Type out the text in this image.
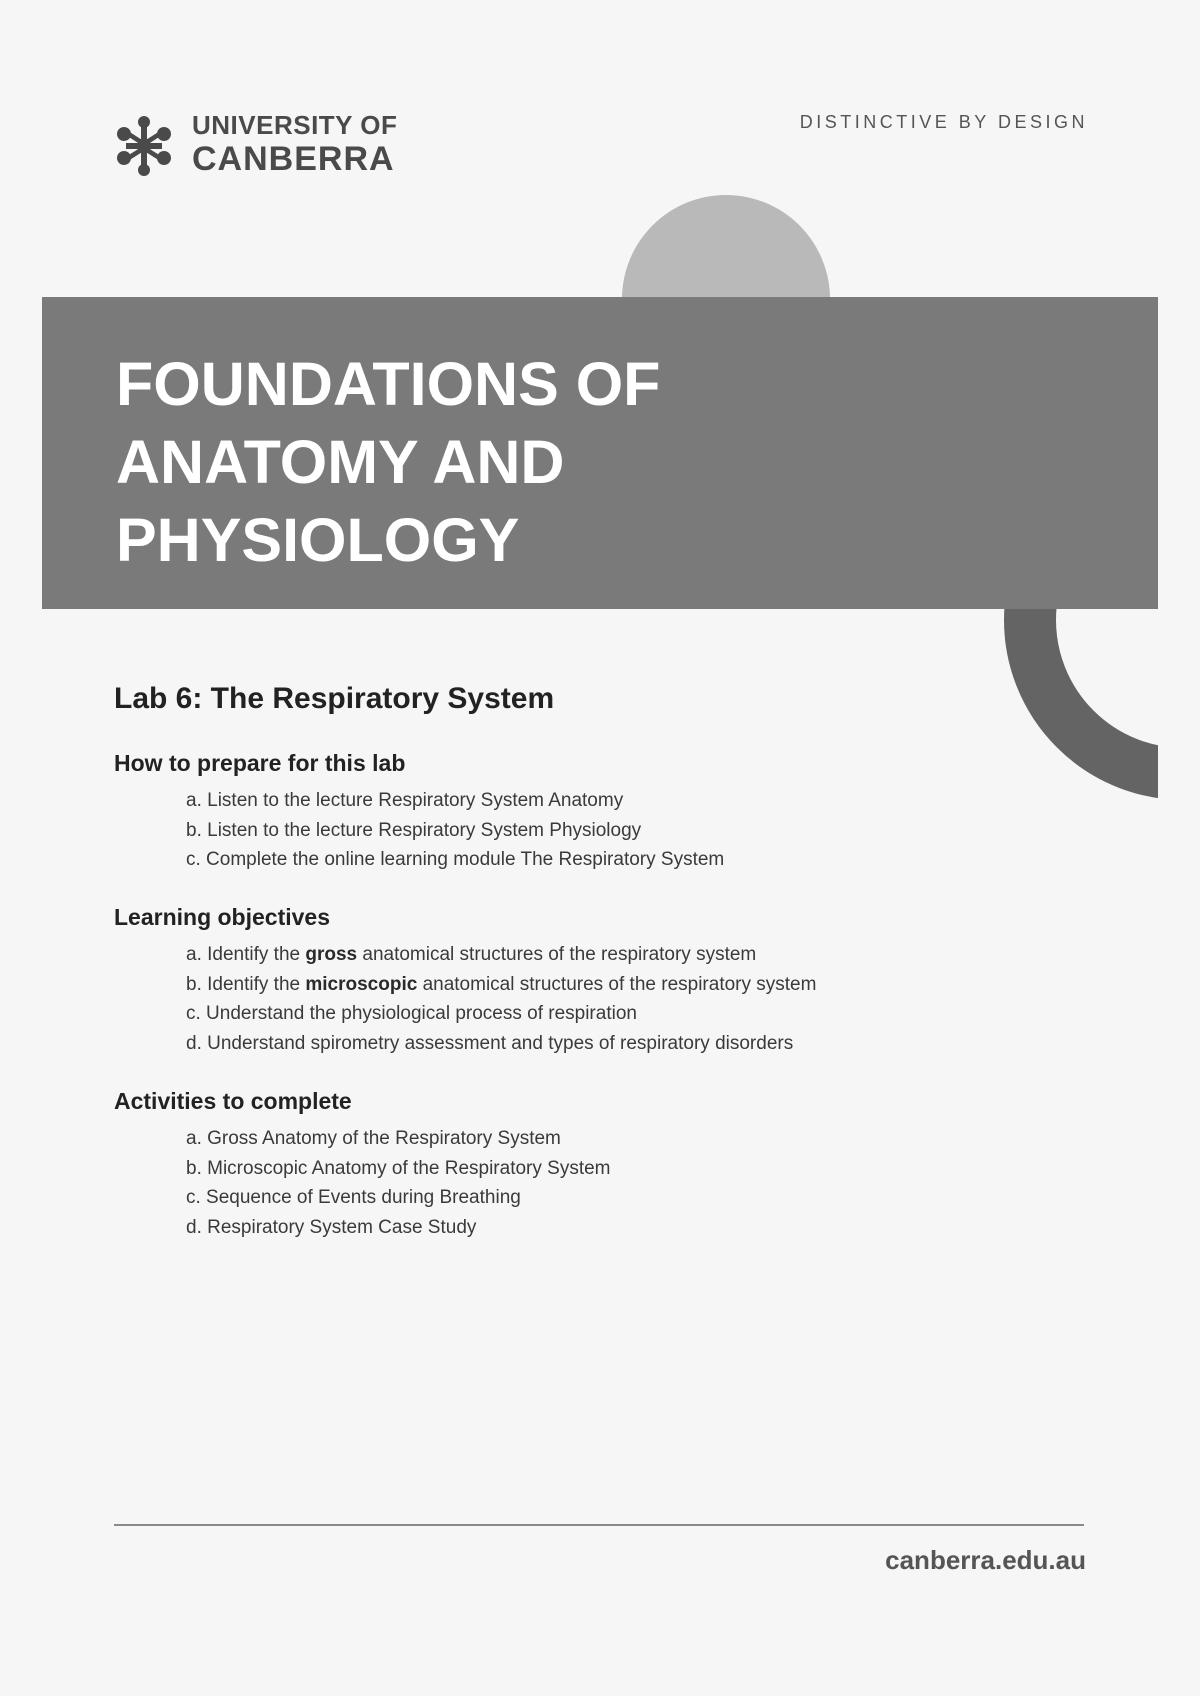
UNIVERSITY OF
CANBERRA
DISTINCTIVE BY DESIGN
FOUNDATIONS OF
ANATOMY AND
PHYSIOLOGY
Lab 6: The Respiratory System
How to prepare for this lab
a. Listen to the lecture Respiratory System Anatomy
b. Listen to the lecture Respiratory System Physiology
c. Complete the online learning module The Respiratory System
Learning objectives
a. Identify the gross anatomical structures of the respiratory system
b. Identify the microscopic anatomical structures of the respiratory system
c. Understand the physiological process of respiration
d. Understand spirometry assessment and types of respiratory disorders
Activities to complete
a. Gross Anatomy of the Respiratory System
b. Microscopic Anatomy of the Respiratory System
c. Sequence of Events during Breathing
d. Respiratory System Case Study
canberra.edu.au
